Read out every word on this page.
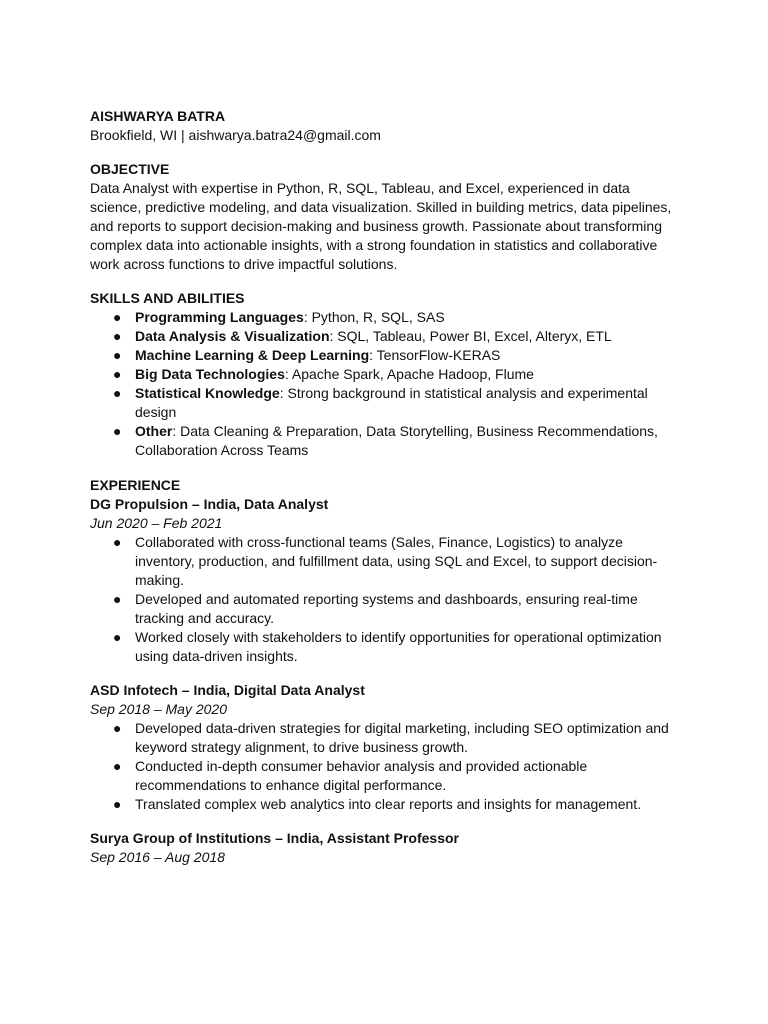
AISHWARYA BATRA

Brookfield, WI | aishwarya.batra24@gmail.com

OBJECTIVE

Data Analyst with expertise in Python, R, SQL, Tableau, and Excel, experienced in data science, predictive modeling, and data visualization. Skilled in building metrics, data pipelines, and reports to support decision-making and business growth. Passionate about transforming complex data into actionable insights, with a strong foundation in statistics and collaborative work across functions to drive impactful solutions.

SKILLS AND ABILITIES

● Programming Languages: Python, R, SQL, SAS
● Data Analysis & Visualization: SQL, Tableau, Power BI, Excel, Alteryx, ETL
● Machine Learning & Deep Learning: TensorFlow-KERAS
● Big Data Technologies: Apache Spark, Apache Hadoop, Flume
● Statistical Knowledge: Strong background in statistical analysis and experimental design
● Other: Data Cleaning & Preparation, Data Storytelling, Business Recommendations, Collaboration Across Teams

EXPERIENCE

DG Propulsion – India, Data Analyst

Jun 2020 – Feb 2021

● Collaborated with cross-functional teams (Sales, Finance, Logistics) to analyze inventory, production, and fulfillment data, using SQL and Excel, to support decision-making.
● Developed and automated reporting systems and dashboards, ensuring real-time tracking and accuracy.
● Worked closely with stakeholders to identify opportunities for operational optimization using data-driven insights.

ASD Infotech – India, Digital Data Analyst

Sep 2018 – May 2020

● Developed data-driven strategies for digital marketing, including SEO optimization and keyword strategy alignment, to drive business growth.
● Conducted in-depth consumer behavior analysis and provided actionable recommendations to enhance digital performance.
● Translated complex web analytics into clear reports and insights for management.

Surya Group of Institutions – India, Assistant Professor

Sep 2016 – Aug 2018
